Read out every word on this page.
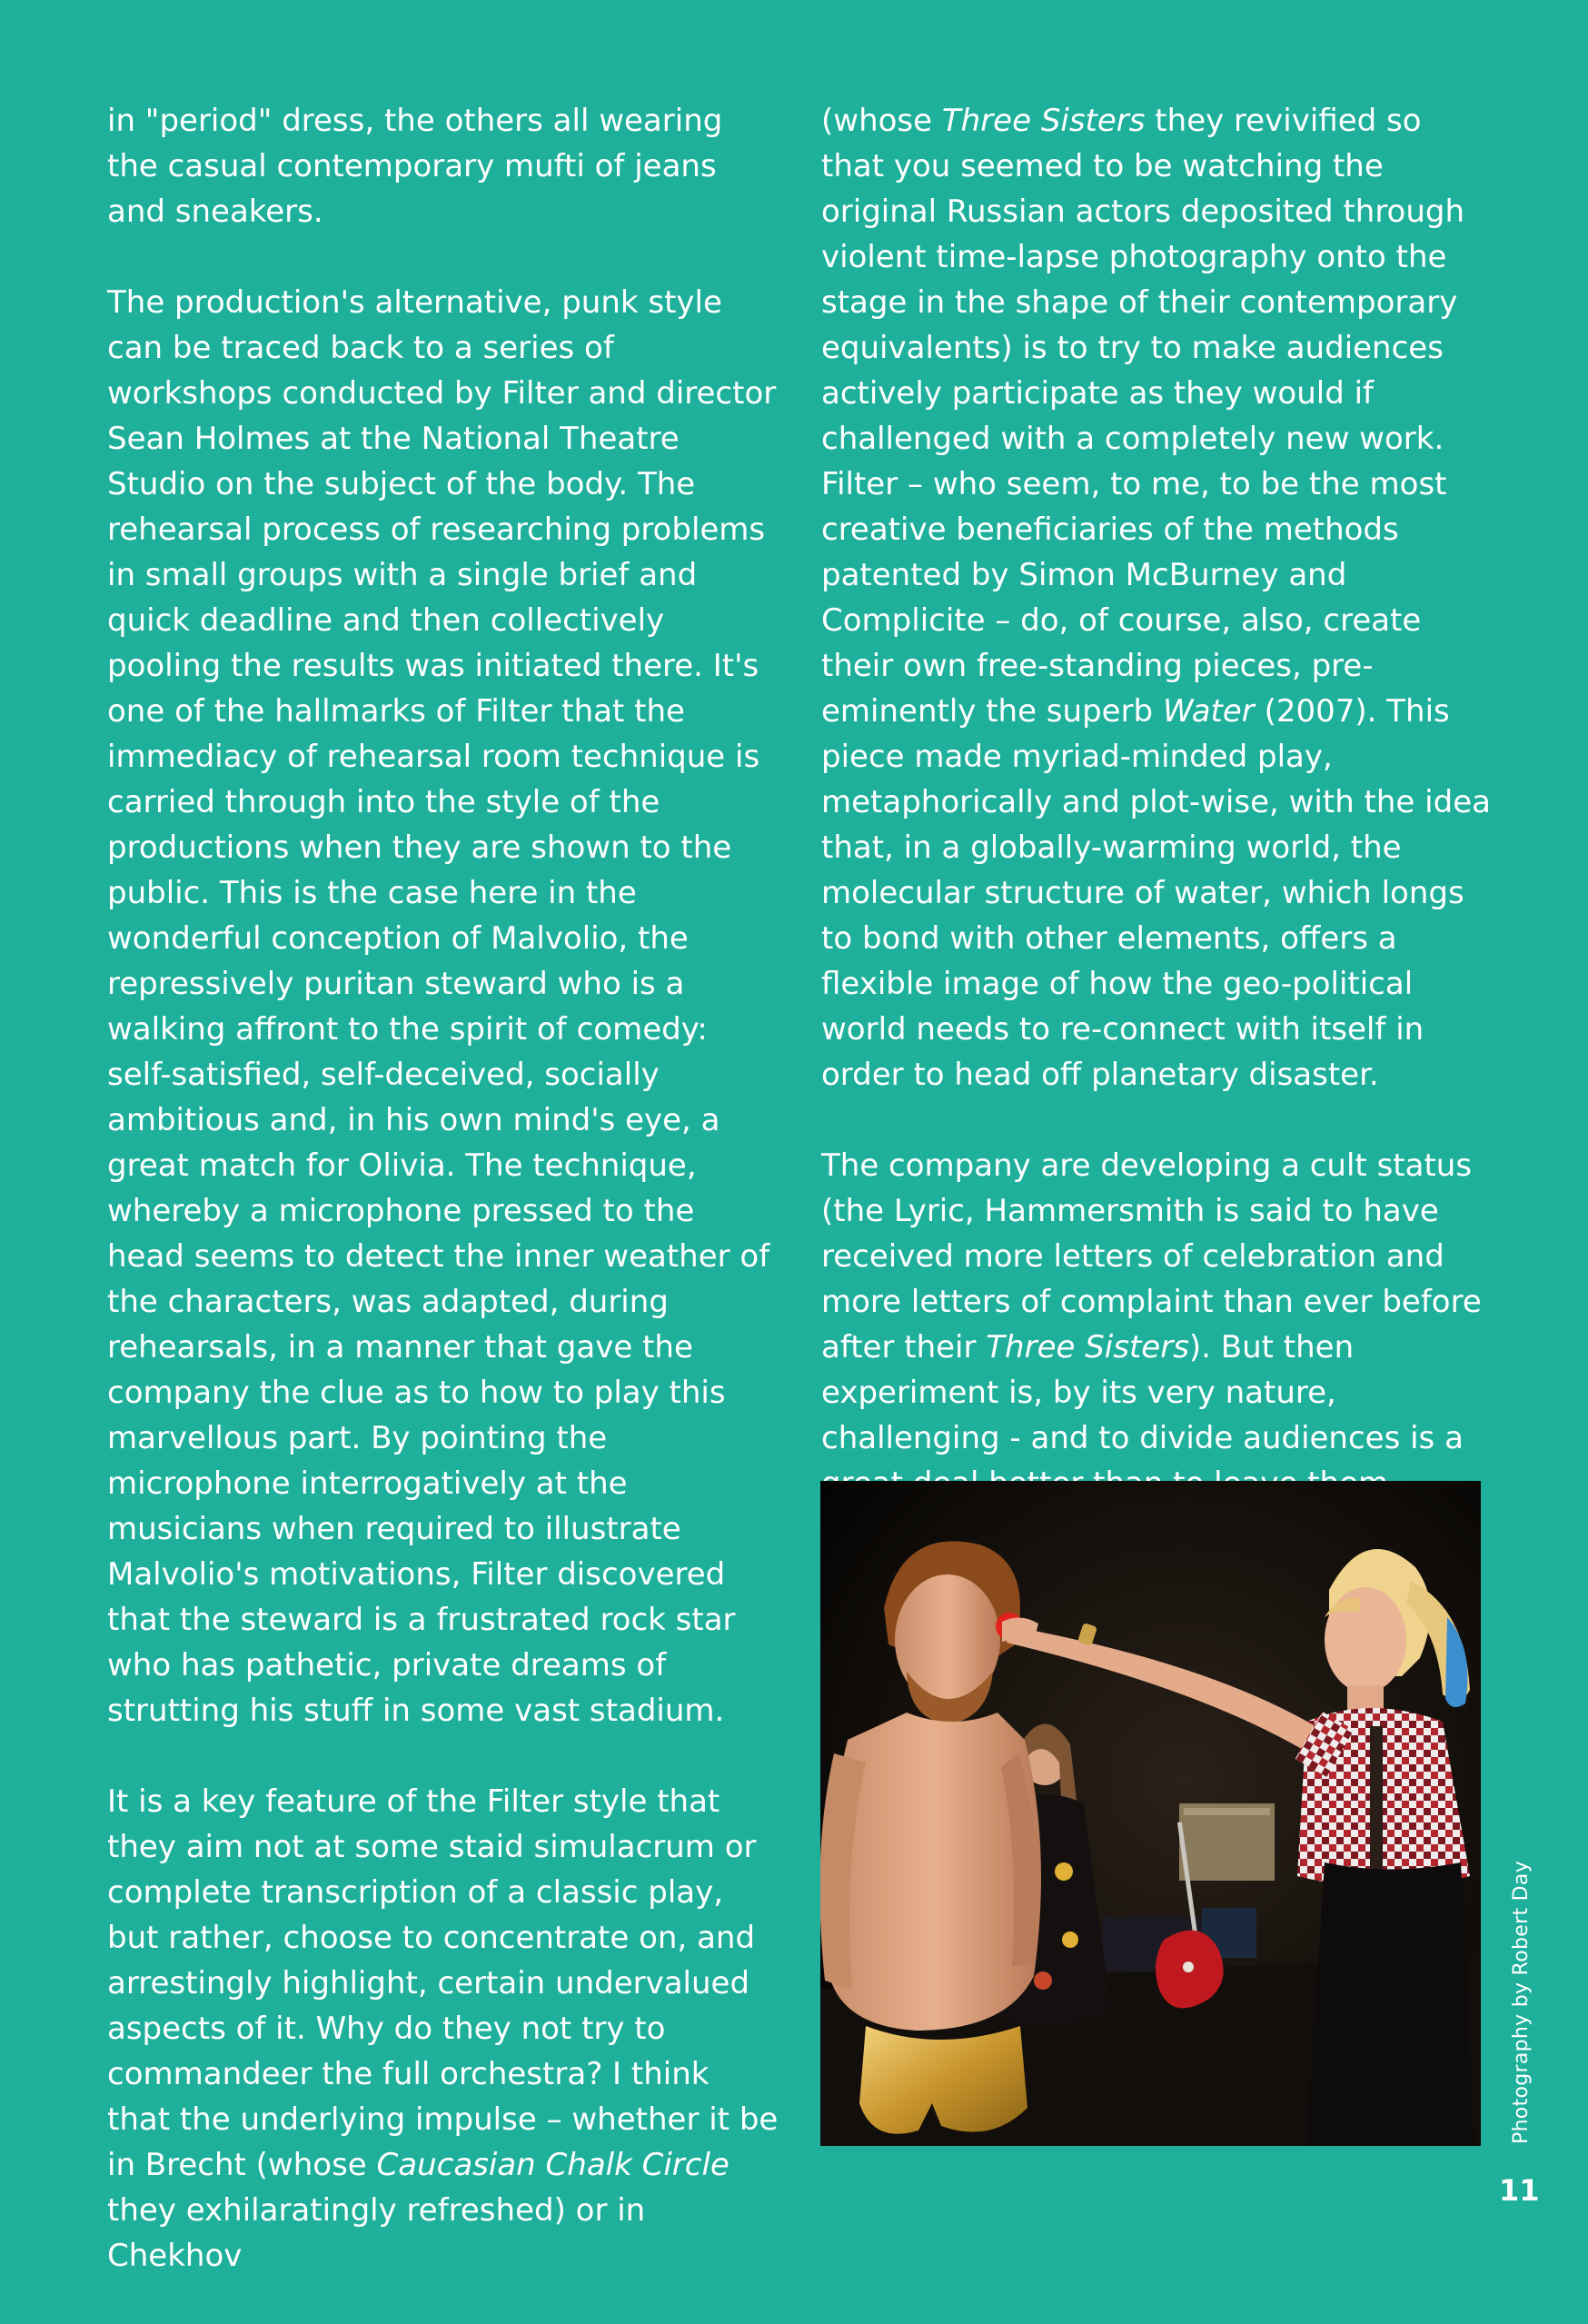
in "period" dress, the others all wearing the casual contemporary mufti of jeans and sneakers.

The production's alternative, punk style can be traced back to a series of workshops conducted by Filter and director Sean Holmes at the National Theatre Studio on the subject of the body. The rehearsal process of researching problems in small groups with a single brief and quick deadline and then collectively pooling the results was initiated there. It's one of the hallmarks of Filter that the immediacy of rehearsal room technique is carried through into the style of the productions when they are shown to the public. This is the case here in the wonderful conception of Malvolio, the repressively puritan steward who is a walking affront to the spirit of comedy: self-satisfied, self-deceived, socially ambitious and, in his own mind's eye, a great match for Olivia. The technique, whereby a microphone pressed to the head seems to detect the inner weather of the characters, was adapted, during rehearsals, in a manner that gave the company the clue as to how to play this marvellous part. By pointing the microphone interrogatively at the musicians when required to illustrate Malvolio's motivations, Filter discovered that the steward is a frustrated rock star who has pathetic, private dreams of strutting his stuff in some vast stadium.

It is a key feature of the Filter style that they aim not at some staid simulacrum or complete transcription of a classic play, but rather, choose to concentrate on, and arrestingly highlight, certain undervalued aspects of it. Why do they not try to commandeer the full orchestra? I think that the underlying impulse – whether it be in Brecht (whose Caucasian Chalk Circle they exhilaratingly refreshed) or in Chekhov

(whose Three Sisters they revivified so that you seemed to be watching the original Russian actors deposited through violent time-lapse photography onto the stage in the shape of their contemporary equivalents) is to try to make audiences actively participate as they would if challenged with a completely new work. Filter – who seem, to me, to be the most creative beneficiaries of the methods patented by Simon McBurney and Complicite – do, of course, also, create their own free-standing pieces, pre-eminently the superb Water (2007). This piece made myriad-minded play, metaphorically and plot-wise, with the idea that, in a globally-warming world, the molecular structure of water, which longs to bond with other elements, offers a flexible image of how the geo-political world needs to re-connect with itself in order to head off planetary disaster.

The company are developing a cult status (the Lyric, Hammersmith is said to have received more letters of celebration and more letters of complaint than ever before after their Three Sisters). But then experiment is, by its very nature, challenging - and to divide audiences is a

Photography by Robert Day
11
